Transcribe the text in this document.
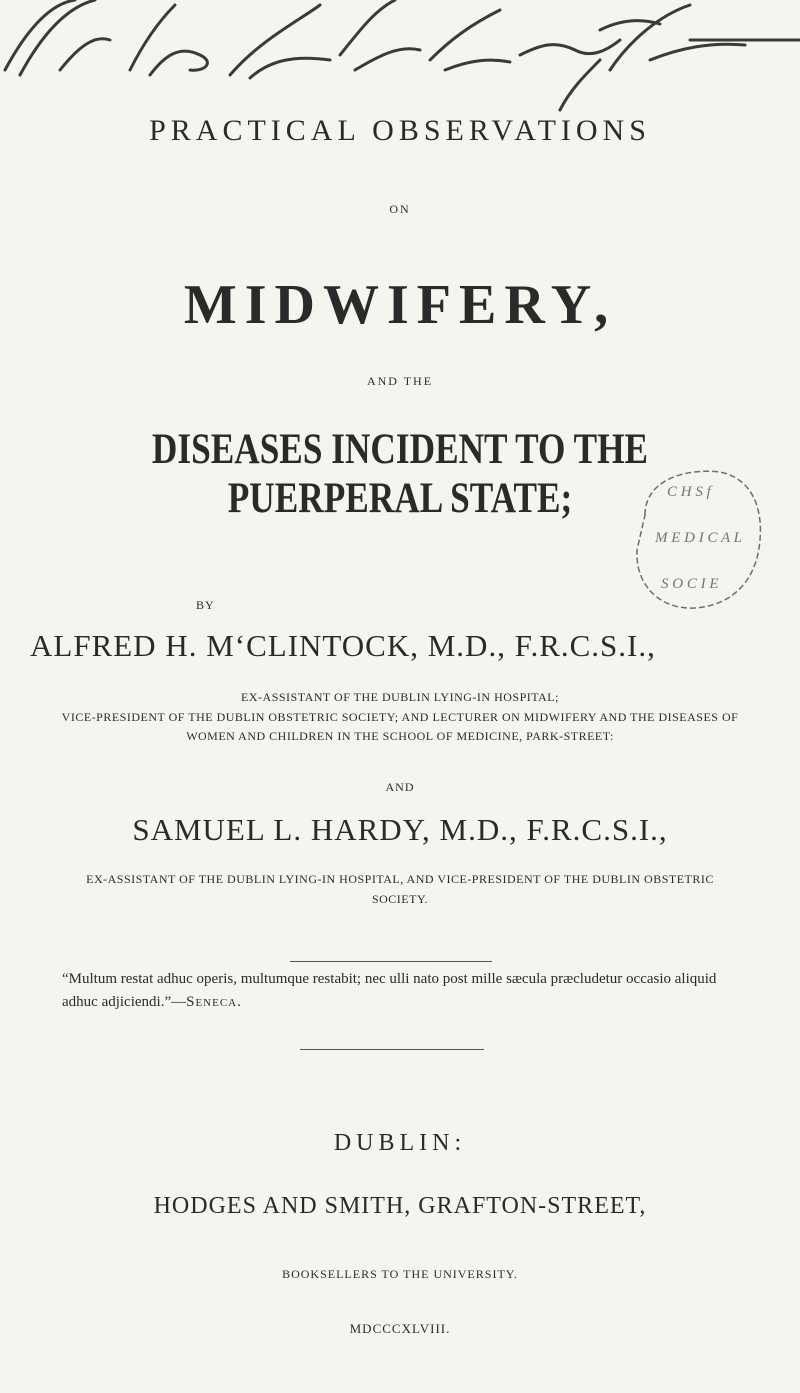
PRACTICAL OBSERVATIONS
ON
MIDWIFERY,
AND THE
DISEASES INCIDENT TO THE PUERPERAL STATE;	C H S f
M E D I C A L
S O C I E
BY
ALFRED H. M‘CLINTOCK, M.D., F.R.C.S.I.,
EX-ASSISTANT OF THE DUBLIN LYING-IN HOSPITAL;
VICE-PRESIDENT OF THE DUBLIN OBSTETRIC SOCIETY; AND LECTURER ON MIDWIFERY AND THE DISEASES OF
WOMEN AND CHILDREN IN THE SCHOOL OF MEDICINE, PARK-STREET:
AND
SAMUEL L. HARDY, M.D., F.R.C.S.I.,
EX-ASSISTANT OF THE DUBLIN LYING-IN HOSPITAL, AND VICE-PRESIDENT OF THE DUBLIN OBSTETRIC
SOCIETY.
“Multum restat adhuc operis, multumque restabit; nec ulli nato post mille sæcula præcludetur occasio aliquid adhuc adjiciendi.”—Seneca.
DUBLIN:
HODGES AND SMITH, GRAFTON-STREET,
BOOKSELLERS TO THE UNIVERSITY.
MDCCCXLVIII.
